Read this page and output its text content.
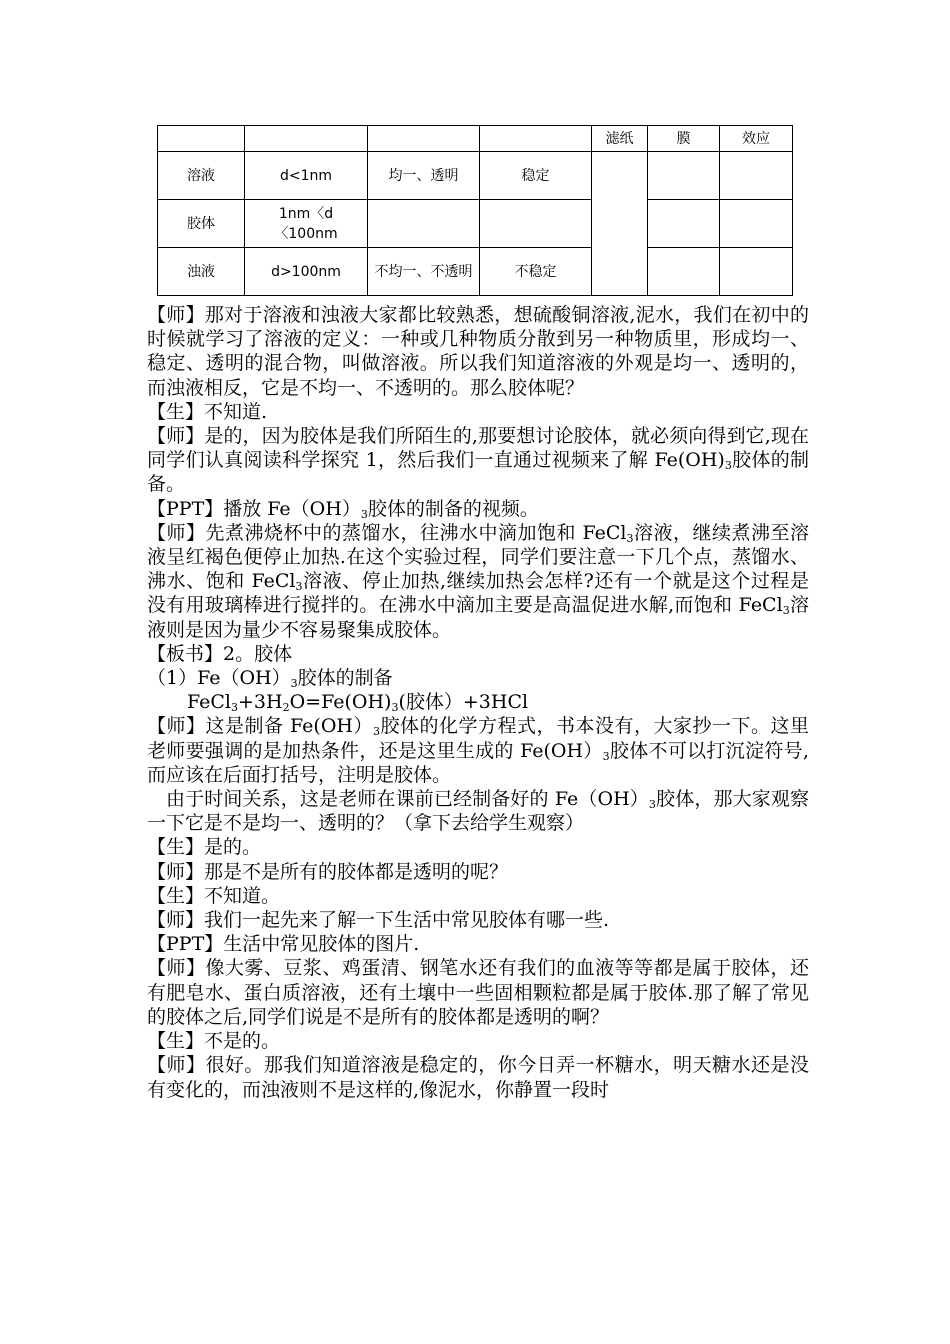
				滤纸	膜	效应
溶液	d<1nm	均一、透明	稳定			
胶体	1nm〈d〈100nm					
浊液	d>100nm	不均一、不透明	不稳定			

【师】那对于溶液和浊液大家都比较熟悉，想硫酸铜溶液,泥水，我们在初中的时候就学习了溶液的定义：一种或几种物质分散到另一种物质里，形成均一、稳定、透明的混合物，叫做溶液。所以我们知道溶液的外观是均一、透明的，而浊液相反，它是不均一、不透明的。那么胶体呢？

【生】不知道.

【师】是的，因为胶体是我们所陌生的,那要想讨论胶体，就必须向得到它,现在同学们认真阅读科学探究 1，然后我们一直通过视频来了解 $Fe(OH)_3$胶体的制备。

【PPT】播放 $Fe(OH)_3$胶体的制备的视频。

【师】先煮沸烧杯中的蒸馏水，往沸水中滴加饱和 FeCl$_3$溶液，继续煮沸至溶液呈红褐色便停止加热.在这个实验过程，同学们要注意一下几个点，蒸馏水、沸水、饱和 FeCl$_3$溶液、停止加热,继续加热会怎样?还有一个就是这个过程是没有用玻璃棒进行搅拌的。在沸水中滴加主要是高温促进水解,而饱和 FeCl$_3$溶液则是因为量少不容易聚集成胶体。

【板书】2。胶体

$(1)Fe(OH)_3$胶体的制备

$FeCl_3+3H_2O=Fe(OH)_3$(胶体）+3HCl

【师】这是制备 $Fe(OH)_3$胶体的化学方程式，书本没有，大家抄一下。这里老师要强调的是加热条件，还是这里生成的 $Fe(OH)_3$胶体不可以打沉淀符号,而应该在后面打括号，注明是胶体。

由于时间关系，这是老师在课前已经制备好的 $Fe(OH)_3$胶体，那大家观察一下它是不是均一、透明的？（拿下去给学生观察）

【生】是的。

【师】那是不是所有的胶体都是透明的呢？

【生】不知道。

【师】我们一起先来了解一下生活中常见胶体有哪一些.

【PPT】生活中常见胶体的图片.

【师】像大雾、豆浆、鸡蛋清、钢笔水还有我们的血液等等都是属于胶体，还有肥皂水、蛋白质溶液，还有土壤中一些固相颗粒都是属于胶体.那了解了常见的胶体之后,同学们说是不是所有的胶体都是透明的啊？

【生】不是的。

【师】很好。那我们知道溶液是稳定的，你今日弄一杯糖水，明天糖水还是没有变化的，而浊液则不是这样的,像泥水，你静置一段时
